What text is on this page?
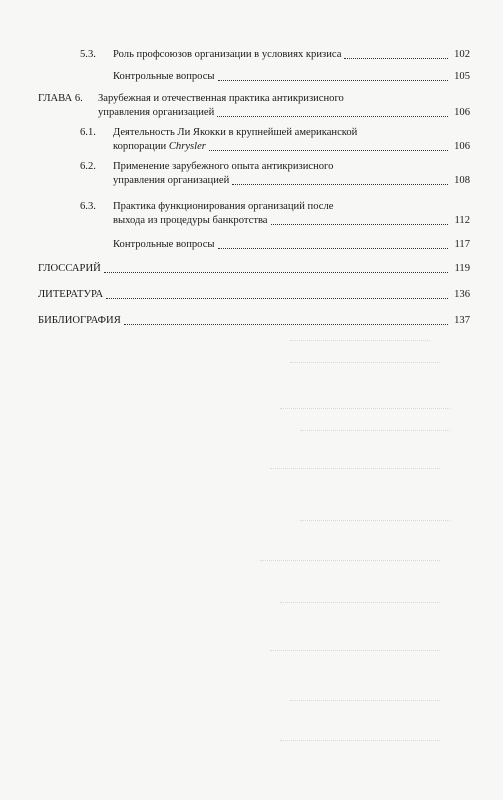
5.3. Роль профсоюзов организации в условиях кризиса	102
Контрольные вопросы	105
ГЛАВА 6. Зарубежная и отечественная практика антикризисного
управления организацией	106
6.1. Деятельность Ли Якокки в крупнейшей американской
корпорации Chrysler	106
6.2. Применение зарубежного опыта антикризисного
управления организацией	108
6.3. Практика функционирования организаций после
выхода из процедуры банкротства	112
Контрольные вопросы	117
ГЛОССАРИЙ	119
ЛИТЕРАТУРА	136
БИБЛИОГРАФИЯ	137
